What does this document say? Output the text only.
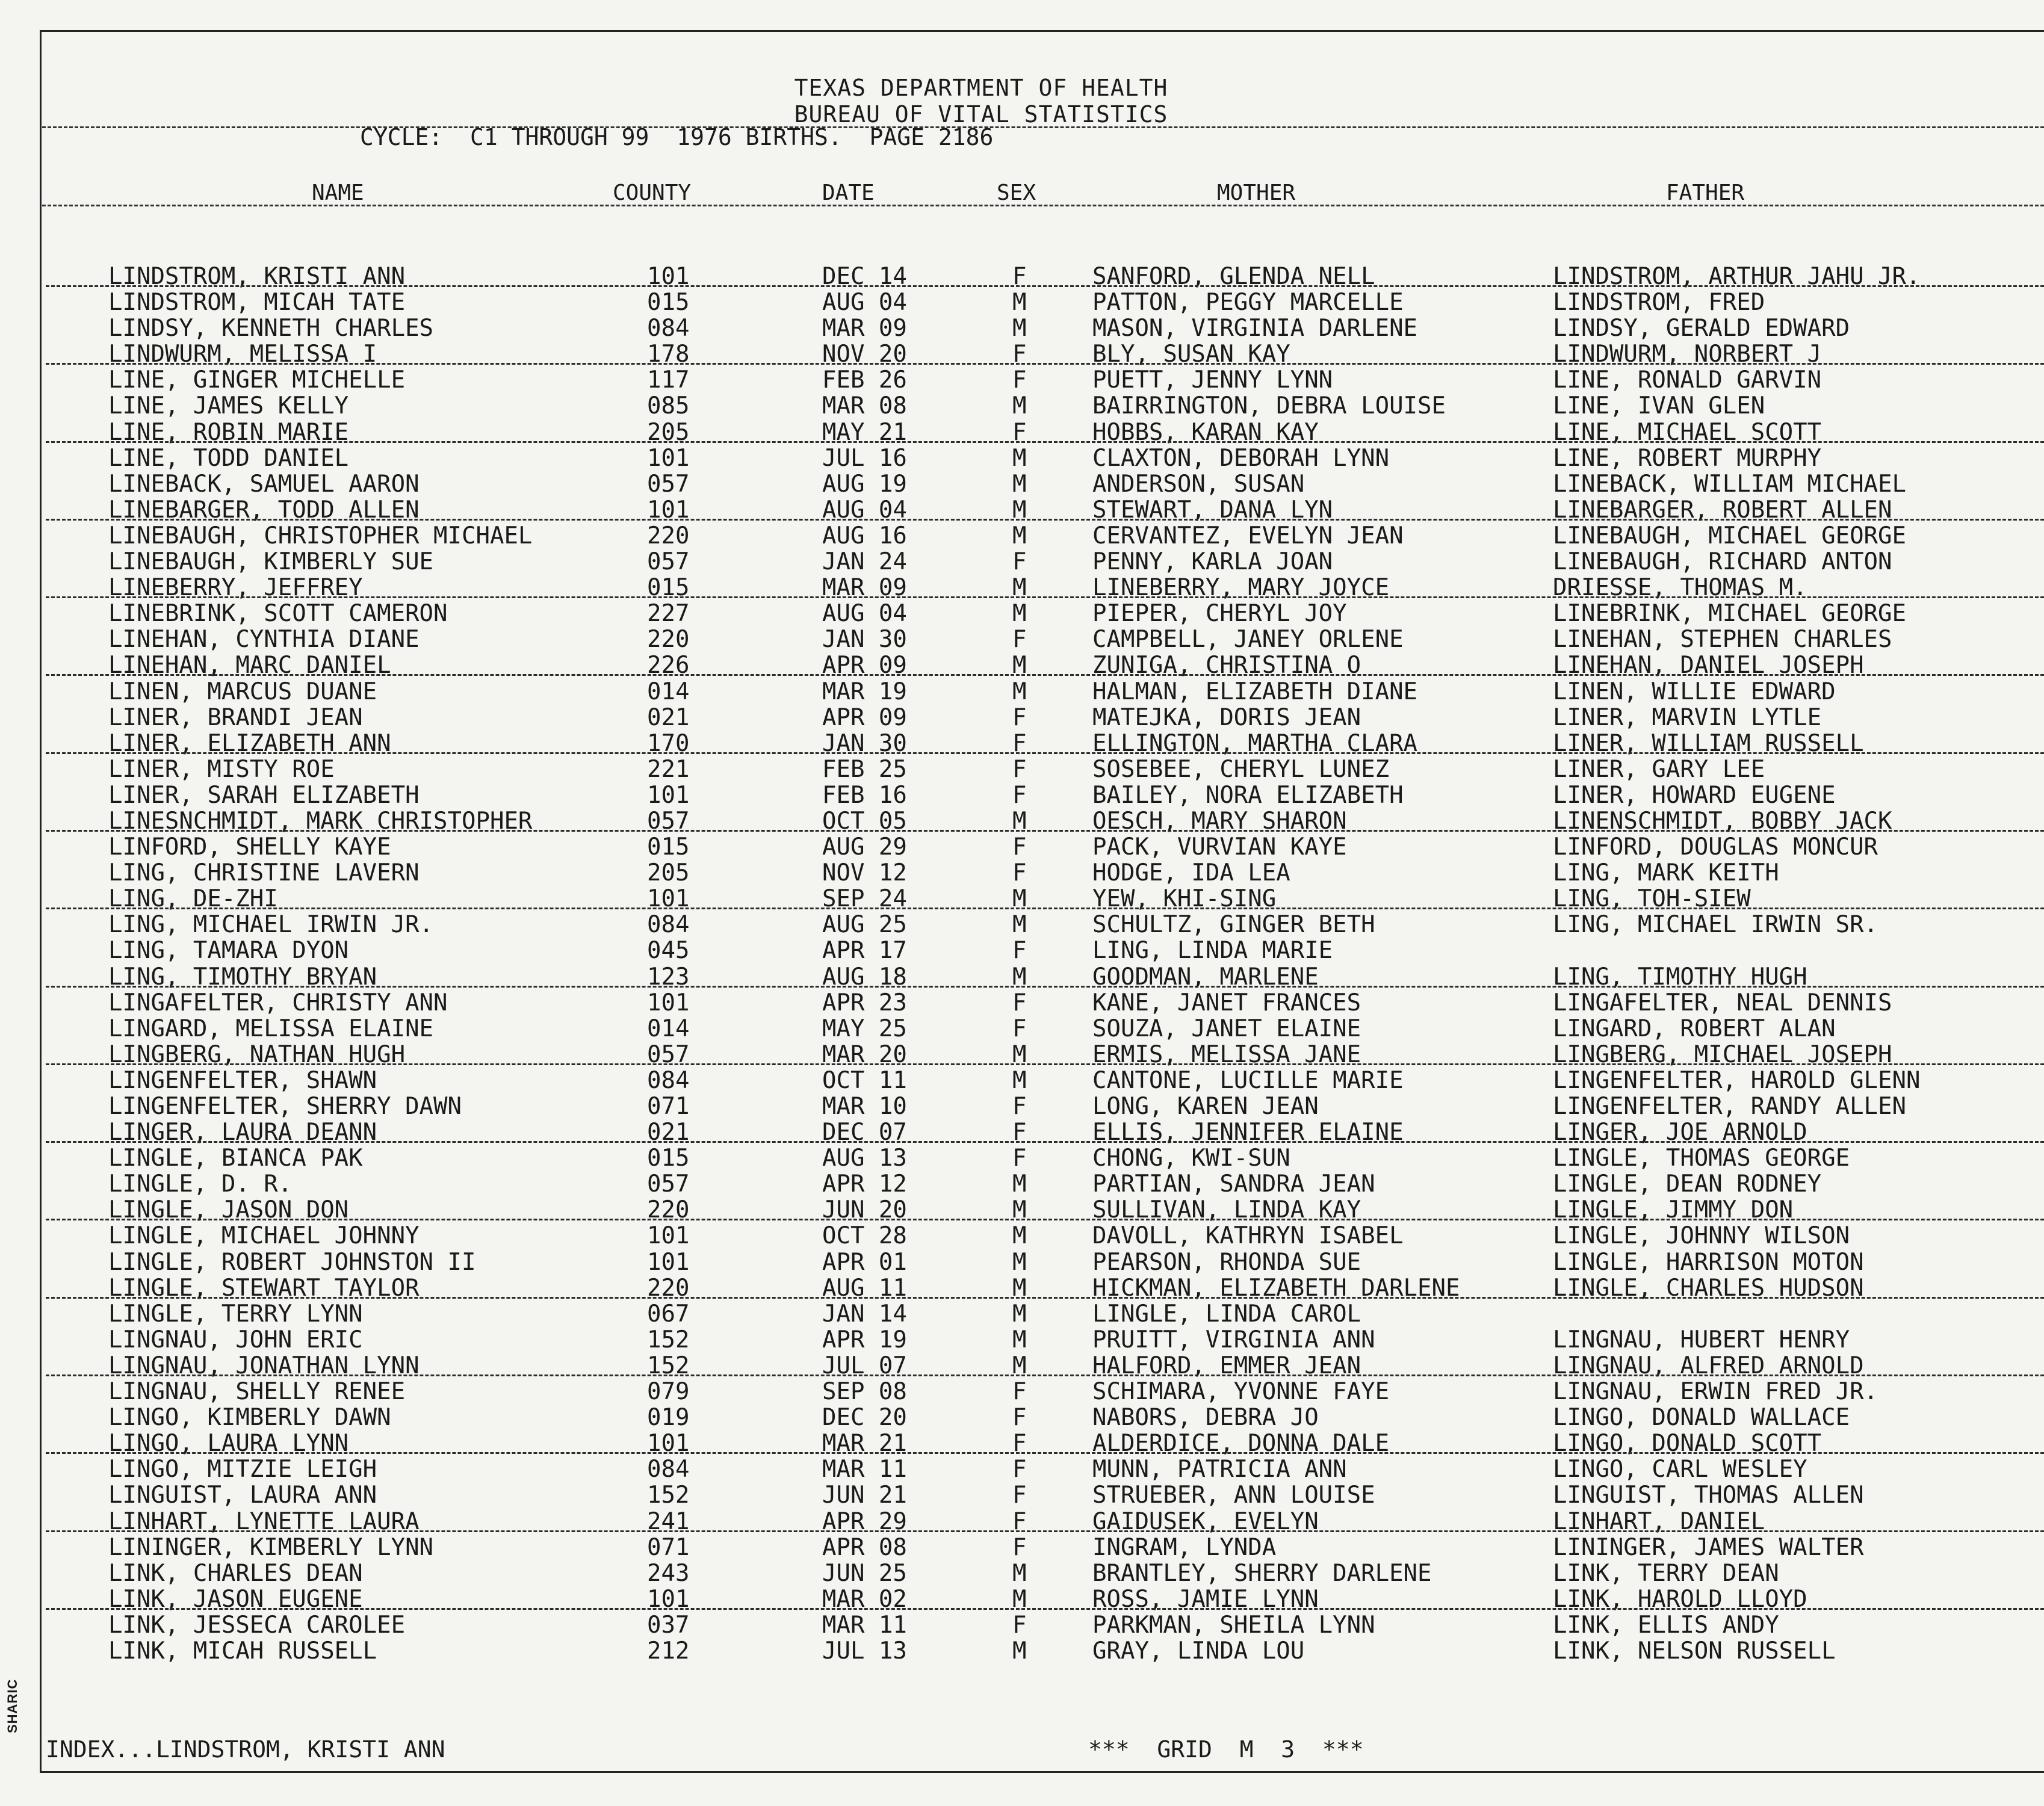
TEXAS DEPARTMENT OF HEALTH
BUREAU OF VITAL STATISTICS
CYCLE:  C1 THROUGH 99  1976 BIRTHS.  PAGE 2186
NAME	COUNTY	DATE	SEX	MOTHER	FATHER
LINDSTROM, KRISTI ANN	101	DEC 14	F	SANFORD, GLENDA NELL	LINDSTROM, ARTHUR JAHU JR.
LINDSTROM, MICAH TATE	015	AUG 04	M	PATTON, PEGGY MARCELLE	LINDSTROM, FRED
LINDSY, KENNETH CHARLES	084	MAR 09	M	MASON, VIRGINIA DARLENE	LINDSY, GERALD EDWARD
LINDWURM, MELISSA I	178	NOV 20	F	BLY, SUSAN KAY	LINDWURM, NORBERT J
LINE, GINGER MICHELLE	117	FEB 26	F	PUETT, JENNY LYNN	LINE, RONALD GARVIN
LINE, JAMES KELLY	085	MAR 08	M	BAIRRINGTON, DEBRA LOUISE	LINE, IVAN GLEN
LINE, ROBIN MARIE	205	MAY 21	F	HOBBS, KARAN KAY	LINE, MICHAEL SCOTT
LINE, TODD DANIEL	101	JUL 16	M	CLAXTON, DEBORAH LYNN	LINE, ROBERT MURPHY
LINEBACK, SAMUEL AARON	057	AUG 19	M	ANDERSON, SUSAN	LINEBACK, WILLIAM MICHAEL
LINEBARGER, TODD ALLEN	101	AUG 04	M	STEWART, DANA LYN	LINEBARGER, ROBERT ALLEN
LINEBAUGH, CHRISTOPHER MICHAEL	220	AUG 16	M	CERVANTEZ, EVELYN JEAN	LINEBAUGH, MICHAEL GEORGE
LINEBAUGH, KIMBERLY SUE	057	JAN 24	F	PENNY, KARLA JOAN	LINEBAUGH, RICHARD ANTON
LINEBERRY, JEFFREY	015	MAR 09	M	LINEBERRY, MARY JOYCE	DRIESSE, THOMAS M.
LINEBRINK, SCOTT CAMERON	227	AUG 04	M	PIEPER, CHERYL JOY	LINEBRINK, MICHAEL GEORGE
LINEHAN, CYNTHIA DIANE	220	JAN 30	F	CAMPBELL, JANEY ORLENE	LINEHAN, STEPHEN CHARLES
LINEHAN, MARC DANIEL	226	APR 09	M	ZUNIGA, CHRISTINA O	LINEHAN, DANIEL JOSEPH
LINEN, MARCUS DUANE	014	MAR 19	M	HALMAN, ELIZABETH DIANE	LINEN, WILLIE EDWARD
LINER, BRANDI JEAN	021	APR 09	F	MATEJKA, DORIS JEAN	LINER, MARVIN LYTLE
LINER, ELIZABETH ANN	170	JAN 30	F	ELLINGTON, MARTHA CLARA	LINER, WILLIAM RUSSELL
LINER, MISTY ROE	221	FEB 25	F	SOSEBEE, CHERYL LUNEZ	LINER, GARY LEE
LINER, SARAH ELIZABETH	101	FEB 16	F	BAILEY, NORA ELIZABETH	LINER, HOWARD EUGENE
LINESNCHMIDT, MARK CHRISTOPHER	057	OCT 05	M	OESCH, MARY SHARON	LINENSCHMIDT, BOBBY JACK
LINFORD, SHELLY KAYE	015	AUG 29	F	PACK, VURVIAN KAYE	LINFORD, DOUGLAS MONCUR
LING, CHRISTINE LAVERN	205	NOV 12	F	HODGE, IDA LEA	LING, MARK KEITH
LING, DE-ZHI	101	SEP 24	M	YEW, KHI-SING	LING, TOH-SIEW
LING, MICHAEL IRWIN JR.	084	AUG 25	M	SCHULTZ, GINGER BETH	LING, MICHAEL IRWIN SR.
LING, TAMARA DYON	045	APR 17	F	LING, LINDA MARIE
LING, TIMOTHY BRYAN	123	AUG 18	M	GOODMAN, MARLENE	LING, TIMOTHY HUGH
LINGAFELTER, CHRISTY ANN	101	APR 23	F	KANE, JANET FRANCES	LINGAFELTER, NEAL DENNIS
LINGARD, MELISSA ELAINE	014	MAY 25	F	SOUZA, JANET ELAINE	LINGARD, ROBERT ALAN
LINGBERG, NATHAN HUGH	057	MAR 20	M	ERMIS, MELISSA JANE	LINGBERG, MICHAEL JOSEPH
LINGENFELTER, SHAWN	084	OCT 11	M	CANTONE, LUCILLE MARIE	LINGENFELTER, HAROLD GLENN
LINGENFELTER, SHERRY DAWN	071	MAR 10	F	LONG, KAREN JEAN	LINGENFELTER, RANDY ALLEN
LINGER, LAURA DEANN	021	DEC 07	F	ELLIS, JENNIFER ELAINE	LINGER, JOE ARNOLD
LINGLE, BIANCA PAK	015	AUG 13	F	CHONG, KWI-SUN	LINGLE, THOMAS GEORGE
LINGLE, D. R.	057	APR 12	M	PARTIAN, SANDRA JEAN	LINGLE, DEAN RODNEY
LINGLE, JASON DON	220	JUN 20	M	SULLIVAN, LINDA KAY	LINGLE, JIMMY DON
LINGLE, MICHAEL JOHNNY	101	OCT 28	M	DAVOLL, KATHRYN ISABEL	LINGLE, JOHNNY WILSON
LINGLE, ROBERT JOHNSTON II	101	APR 01	M	PEARSON, RHONDA SUE	LINGLE, HARRISON MOTON
LINGLE, STEWART TAYLOR	220	AUG 11	M	HICKMAN, ELIZABETH DARLENE	LINGLE, CHARLES HUDSON
LINGLE, TERRY LYNN	067	JAN 14	M	LINGLE, LINDA CAROL
LINGNAU, JOHN ERIC	152	APR 19	M	PRUITT, VIRGINIA ANN	LINGNAU, HUBERT HENRY
LINGNAU, JONATHAN LYNN	152	JUL 07	M	HALFORD, EMMER JEAN	LINGNAU, ALFRED ARNOLD
LINGNAU, SHELLY RENEE	079	SEP 08	F	SCHIMARA, YVONNE FAYE	LINGNAU, ERWIN FRED JR.
LINGO, KIMBERLY DAWN	019	DEC 20	F	NABORS, DEBRA JO	LINGO, DONALD WALLACE
LINGO, LAURA LYNN	101	MAR 21	F	ALDERDICE, DONNA DALE	LINGO, DONALD SCOTT
LINGO, MITZIE LEIGH	084	MAR 11	F	MUNN, PATRICIA ANN	LINGO, CARL WESLEY
LINGUIST, LAURA ANN	152	JUN 21	F	STRUEBER, ANN LOUISE	LINGUIST, THOMAS ALLEN
LINHART, LYNETTE LAURA	241	APR 29	F	GAIDUSEK, EVELYN	LINHART, DANIEL
LININGER, KIMBERLY LYNN	071	APR 08	F	INGRAM, LYNDA	LININGER, JAMES WALTER
LINK, CHARLES DEAN	243	JUN 25	M	BRANTLEY, SHERRY DARLENE	LINK, TERRY DEAN
LINK, JASON EUGENE	101	MAR 02	M	ROSS, JAMIE LYNN	LINK, HAROLD LLOYD
LINK, JESSECA CAROLEE	037	MAR 11	F	PARKMAN, SHEILA LYNN	LINK, ELLIS ANDY
LINK, MICAH RUSSELL	212	JUL 13	M	GRAY, LINDA LOU	LINK, NELSON RUSSELL
INDEX...LINDSTROM, KRISTI ANN	***  GRID  M  3  ***
SHARIC
